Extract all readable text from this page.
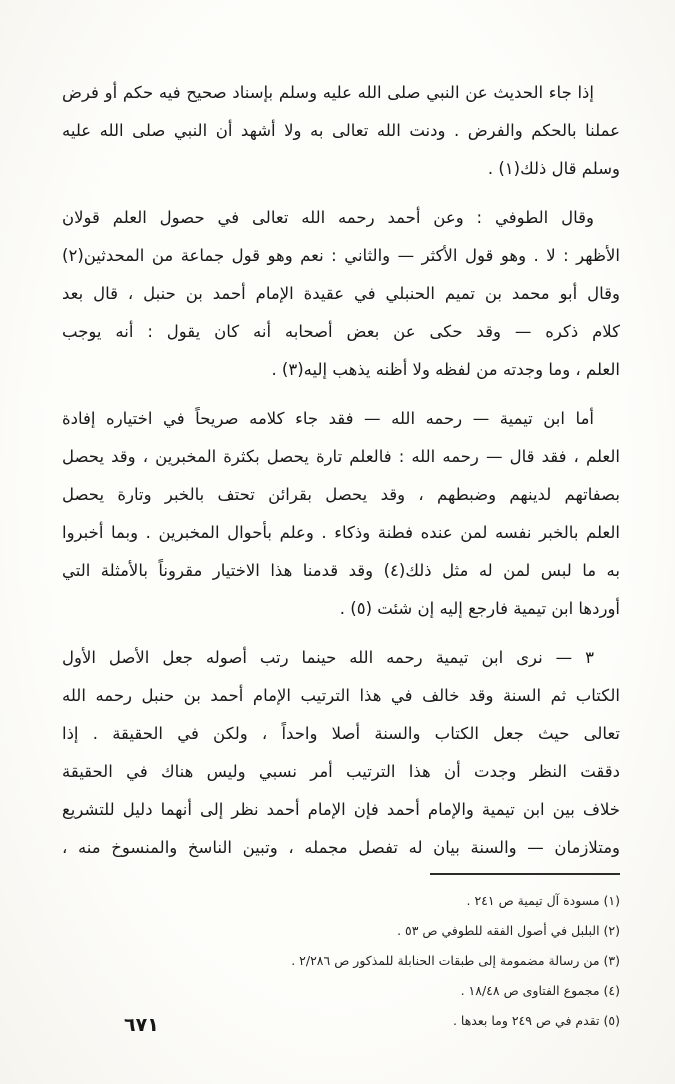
إذا جاء الحديث عن النبي صلى الله عليه وسلم بإسناد صحيح فيه حكم أو فرض
عملنا بالحكم والفرض . ودنت الله تعالى به ولا أشهد أن النبي صلى الله عليه
وسلم قال ذلك(١) .
وقال الطوفي : وعن أحمد رحمه الله تعالى في حصول العلم قولان
الأظهر : لا . وهو قول الأكثر — والثاني : نعم وهو قول جماعة من المحدثين(٢)
وقال أبو محمد بن تميم الحنبلي في عقيدة الإمام أحمد بن حنبل ، قال بعد
كلام ذكره — وقد حكى عن بعض أصحابه أنه كان يقول : أنه يوجب
العلم ، وما وجدته من لفظه ولا أظنه يذهب إليه(٣) .
أما ابن تيمية — رحمه الله — فقد جاء كلامه صريحاً في اختياره إفادة
العلم ، فقد قال — رحمه الله : فالعلم تارة يحصل بكثرة المخبرين ، وقد يحصل
بصفاتهم لدينهم وضبطهم ، وقد يحصل بقرائن تحتف بالخبر وتارة يحصل
العلم بالخبر نفسه لمن عنده فطنة وذكاء . وعلم بأحوال المخبرين . وبما أخبروا
به ما لبس لمن له مثل ذلك(٤) وقد قدمنا هذا الاختيار مقروناً بالأمثلة التي
أوردها ابن تيمية فارجع إليه إن شئت (٥) .
٣ — نرى ابن تيمية رحمه الله حينما رتب أصوله جعل الأصل الأول
الكتاب ثم السنة وقد خالف في هذا الترتيب الإمام أحمد بن حنبل رحمه الله
تعالى حيث جعل الكتاب والسنة أصلا واحداً ، ولكن في الحقيقة . إذا
دققت النظر وجدت أن هذا الترتيب أمر نسبي وليس هناك في الحقيقة
خلاف بين ابن تيمية والإمام أحمد فإن الإمام أحمد نظر إلى أنهما دليل للتشريع
ومتلازمان — والسنة بيان له تفصل مجمله ، وتبين الناسخ والمنسوخ منه ،
(١) مسودة آل تيمية ص ٢٤١ .
(٢) البلبل في أصول الفقه للطوفي ص ٥٣ .
(٣) من رسالة مضمومة إلى طبقات الحنابلة للمذكور ص ٢/٢٨٦ .
(٤) مجموع الفتاوى ص ١٨/٤٨ .
(٥) تقدم في ص ٢٤٩ وما بعدها .
٦٧١
